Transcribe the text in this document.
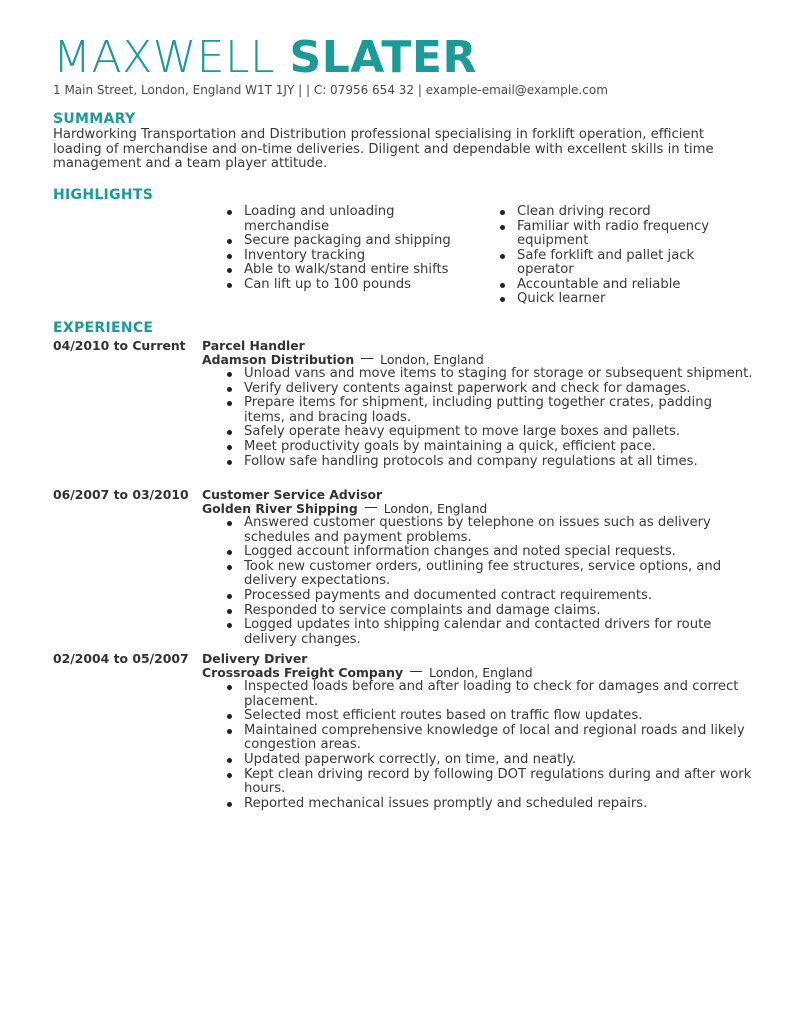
MAXWELL SLATER
1 Main Street, London, England W1T 1JY | | C: 07956 654 32 | example-email@example.com
SUMMARY
Hardworking Transportation and Distribution professional specialising in forklift operation, efficient loading of merchandise and on-time deliveries. Diligent and dependable with excellent skills in time management and a team player attitude.
HIGHLIGHTS
Loading and unloading merchandise
Secure packaging and shipping
Inventory tracking
Able to walk/stand entire shifts
Can lift up to 100 pounds
Clean driving record
Familiar with radio frequency equipment
Safe forklift and pallet jack operator
Accountable and reliable
Quick learner
EXPERIENCE
04/2010 to Current Parcel Handler
Adamson Distribution London, England
Unload vans and move items to staging for storage or subsequent shipment.
Verify delivery contents against paperwork and check for damages.
Prepare items for shipment, including putting together crates, padding items, and bracing loads.
Safely operate heavy equipment to move large boxes and pallets.
Meet productivity goals by maintaining a quick, efficient pace.
Follow safe handling protocols and company regulations at all times.
06/2007 to 03/2010 Customer Service Advisor
Golden River Shipping London, England
Answered customer questions by telephone on issues such as delivery schedules and payment problems.
Logged account information changes and noted special requests.
Took new customer orders, outlining fee structures, service options, and delivery expectations.
Processed payments and documented contract requirements.
Responded to service complaints and damage claims.
Logged updates into shipping calendar and contacted drivers for route delivery changes.
02/2004 to 05/2007 Delivery Driver
Crossroads Freight Company London, England
Inspected loads before and after loading to check for damages and correct placement.
Selected most efficient routes based on traffic flow updates.
Maintained comprehensive knowledge of local and regional roads and likely congestion areas.
Updated paperwork correctly, on time, and neatly.
Kept clean driving record by following DOT regulations during and after work hours.
Reported mechanical issues promptly and scheduled repairs.
